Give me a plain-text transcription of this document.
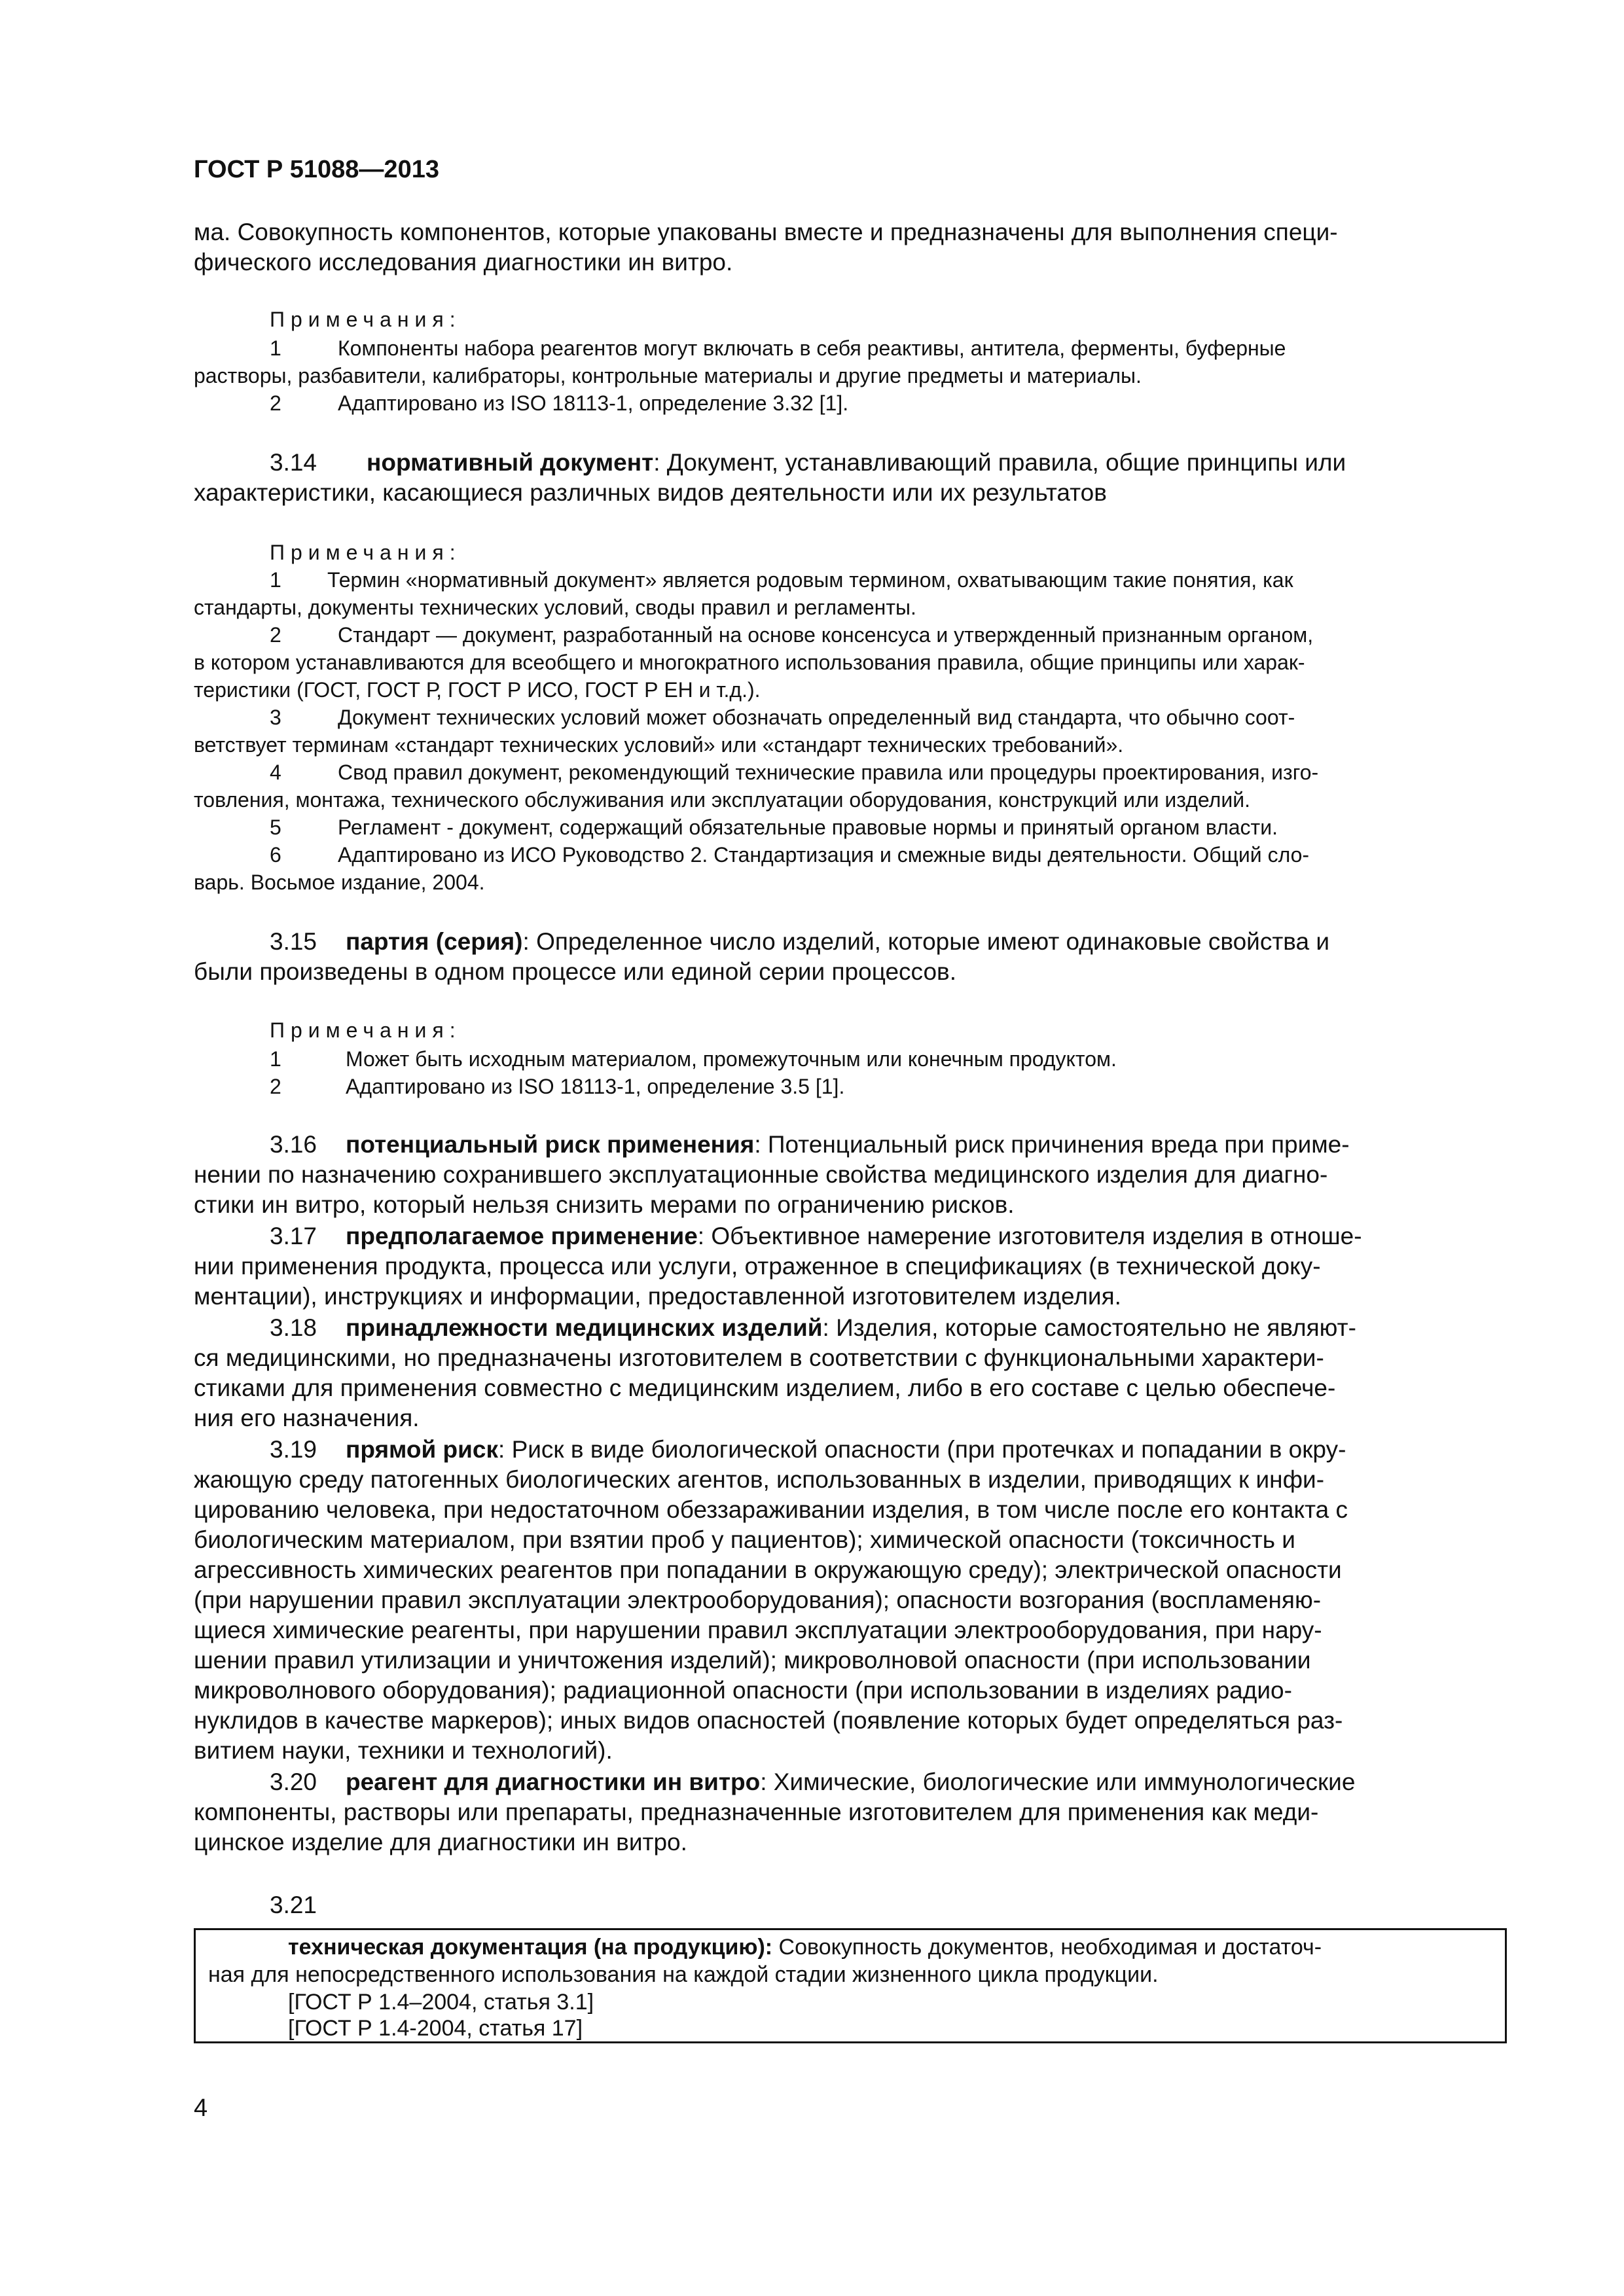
ГОСТ Р 51088—2013
ма. Совокупность компонентов, которые упакованы вместе и предназначены для выполнения специ-
фического исследования диагностики ин витро.
Примечания:
1	Компоненты набора реагентов могут включать в себя реактивы, антитела, ферменты, буферные
растворы, разбавители, калибраторы, контрольные материалы и другие предметы и материалы.
2	Адаптировано из ISO 18113-1, определение 3.32 [1].
3.14 нормативный документ: Документ, устанавливающий правила, общие принципы или
характеристики, касающиеся различных видов деятельности или их результатов
Примечания:
1 Термин «нормативный документ» является родовым термином, охватывающим такие понятия, как
стандарты, документы технических условий, своды правил и регламенты.
2	Стандарт — документ, разработанный на основе консенсуса и утвержденный признанным органом,
в котором устанавливаются для всеобщего и многократного использования правила, общие принципы или харак-
теристики (ГОСТ, ГОСТ Р, ГОСТ Р ИСО, ГОСТ Р ЕН и т.д.).
3	Документ технических условий может обозначать определенный вид стандарта, что обычно соот-
ветствует терминам «стандарт технических условий» или «стандарт технических требований».
4	Свод правил документ, рекомендующий технические правила или процедуры проектирования, изго-
товления, монтажа, технического обслуживания или эксплуатации оборудования, конструкций или изделий.
5	Регламент - документ, содержащий обязательные правовые нормы и принятый органом власти.
6	Адаптировано из ИСО Руководство 2. Стандартизация и смежные виды деятельности. Общий сло-
варь. Восьмое издание, 2004.
3.15 партия (серия): Определенное число изделий, которые имеют одинаковые свойства и
были произведены в одном процессе или единой серии процессов.
Примечания:
1	Может быть исходным материалом, промежуточным или конечным продуктом.
2	Адаптировано из ISO 18113-1, определение 3.5 [1].
3.16 потенциальный риск применения: Потенциальный риск причинения вреда при приме-
нении по назначению сохранившего эксплуатационные свойства медицинского изделия для диагно-
стики ин витро, который нельзя снизить мерами по ограничению рисков.
3.17 предполагаемое применение: Объективное намерение изготовителя изделия в отноше-
нии применения продукта, процесса или услуги, отраженное в спецификациях (в технической доку-
ментации), инструкциях и информации, предоставленной изготовителем изделия.
3.18 принадлежности медицинских изделий: Изделия, которые самостоятельно не являют-
ся медицинскими, но предназначены изготовителем в соответствии с функциональными характери-
стиками для применения совместно с медицинским изделием, либо в его составе с целью обеспече-
ния его назначения.
3.19 прямой риск: Риск в виде биологической опасности (при протечках и попадании в окру-
жающую среду патогенных биологических агентов, использованных в изделии, приводящих к инфи-
цированию человека, при недостаточном обеззараживании изделия, в том числе после его контакта с
биологическим материалом, при взятии проб у пациентов); химической опасности (токсичность и
агрессивность химических реагентов при попадании в окружающую среду); электрической опасности
(при нарушении правил эксплуатации электрооборудования); опасности возгорания (воспламеняю-
щиеся химические реагенты, при нарушении правил эксплуатации электрооборудования, при нару-
шении правил утилизации и уничтожения изделий); микроволновой опасности (при использовании
микроволнового оборудования); радиационной опасности (при использовании в изделиях радио-
нуклидов в качестве маркеров); иных видов опасностей (появление которых будет определяться раз-
витием науки, техники и технологий).
3.20 реагент для диагностики ин витро: Химические, биологические или иммунологические
компоненты, растворы или препараты, предназначенные изготовителем для применения как меди-
цинское изделие для диагностики ин витро.
3.21
техническая документация (на продукцию): Совокупность документов, необходимая и достаточ-
ная для непосредственного использования на каждой стадии жизненного цикла продукции.
[ГОСТ Р 1.4–2004, статья 3.1]
[ГОСТ Р 1.4-2004, статья 17]
4
